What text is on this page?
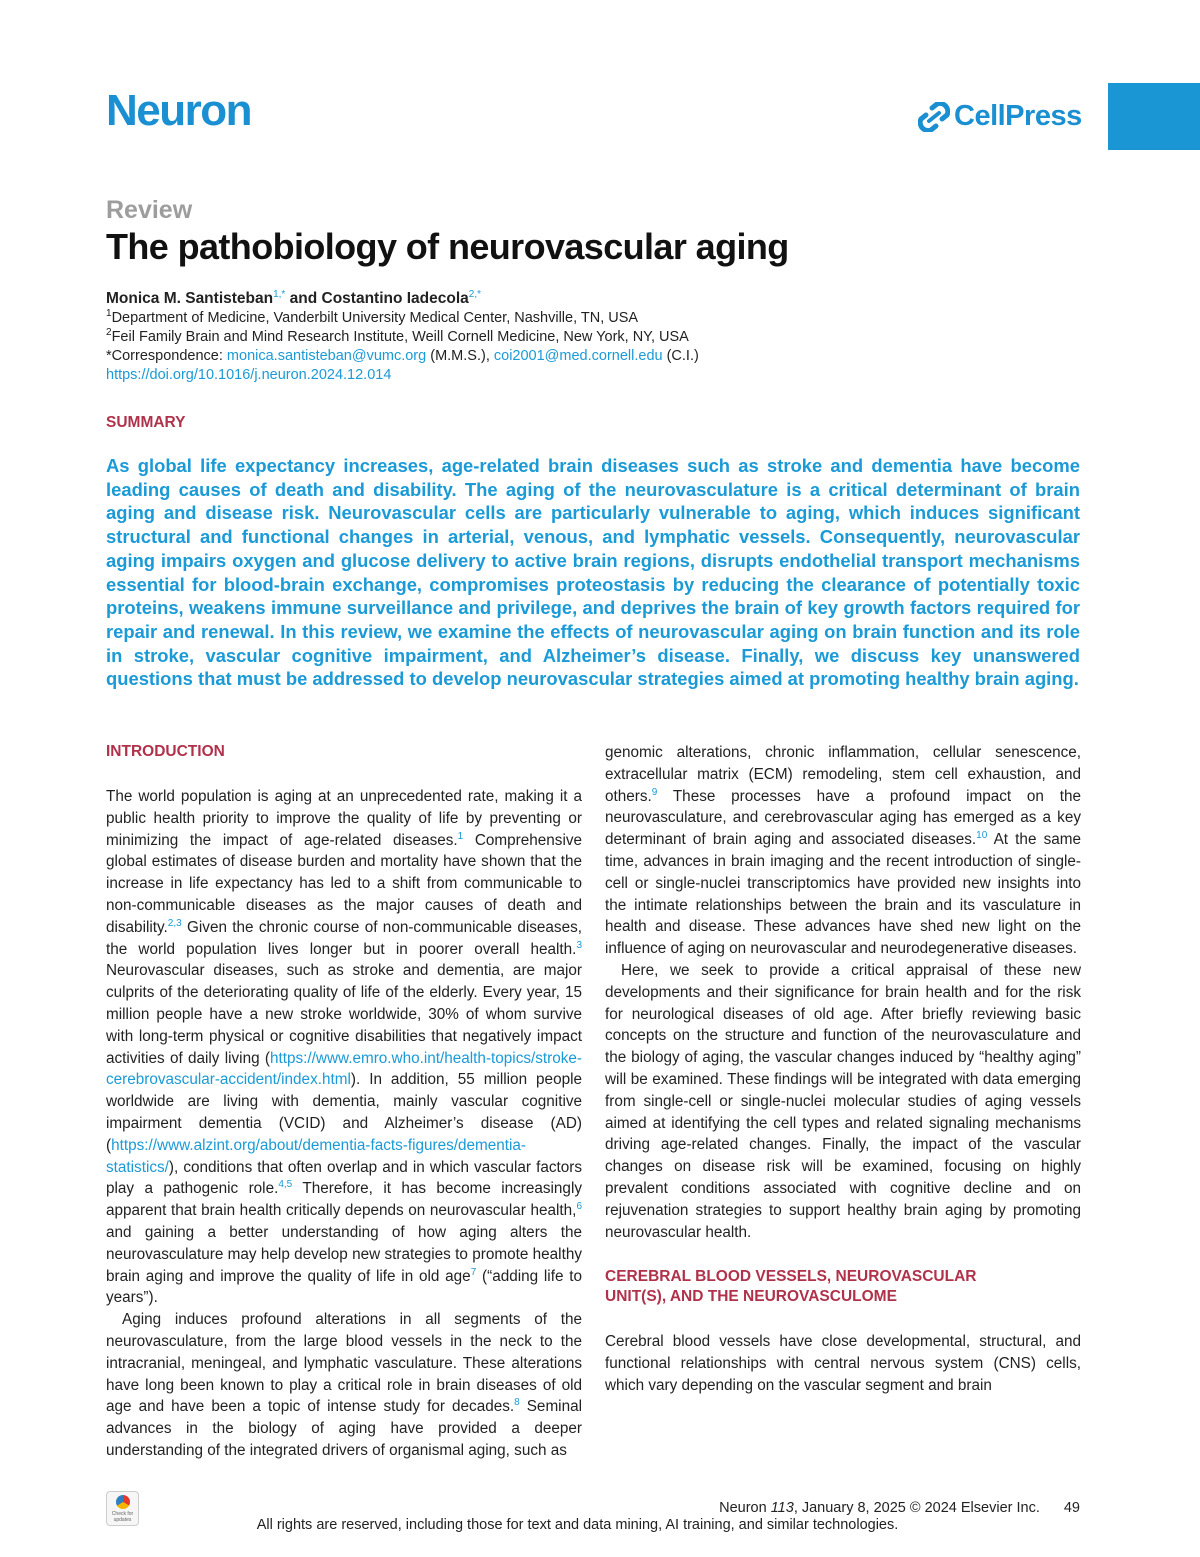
Neuron	CellPress
Review
The pathobiology of neurovascular aging
Monica M. Santisteban$^{1,*}$ and Costantino Iadecola$^{2,*}$
$^1$Department of Medicine, Vanderbilt University Medical Center, Nashville, TN, USA
$^2$Feil Family Brain and Mind Research Institute, Weill Cornell Medicine, New York, NY, USA
*Correspondence: monica.santisteban@vumc.org (M.M.S.), coi2001@med.cornell.edu (C.I.)
https://doi.org/10.1016/j.neuron.2024.12.014
SUMMARY

As global life expectancy increases, age-related brain diseases such as stroke and dementia have become leading causes of death and disability. The aging of the neurovasculature is a critical determinant of brain aging and disease risk. Neurovascular cells are particularly vulnerable to aging, which induces significant structural and functional changes in arterial, venous, and lymphatic vessels. Consequently, neurovascular aging impairs oxygen and glucose delivery to active brain regions, disrupts endothelial transport mechanisms essential for blood-brain exchange, compromises proteostasis by reducing the clearance of potentially toxic proteins, weakens immune surveillance and privilege, and deprives the brain of key growth factors required for repair and renewal. In this review, we examine the effects of neurovascular aging on brain function and its role in stroke, vascular cognitive impairment, and Alzheimer’s disease. Finally, we discuss key unanswered questions that must be addressed to develop neurovascular strategies aimed at promoting healthy brain aging.

INTRODUCTION

The world population is aging at an unprecedented rate, making it a public health priority to improve the quality of life by preventing or minimizing the impact of age-related diseases.$^1$ Comprehensive global estimates of disease burden and mortality have shown that the increase in life expectancy has led to a shift from communicable to non-communicable diseases as the major causes of death and disability.$^{2,3}$ Given the chronic course of non-communicable diseases, the world population lives longer but in poorer overall health.$^3$ Neurovascular diseases, such as stroke and dementia, are major culprits of the deteriorating quality of life of the elderly. Every year, 15 million people have a new stroke worldwide, 30% of whom survive with long-term physical or cognitive disabilities that negatively impact activities of daily living (https://www.emro.who.int/health-topics/stroke-cerebrovascular-accident/index.html). In addition, 55 million people worldwide are living with dementia, mainly vascular cognitive impairment dementia (VCID) and Alzheimer’s disease (AD) (https://www.alzint.org/about/dementia-facts-figures/dementia-statistics/), conditions that often overlap and in which vascular factors play a pathogenic role.$^{4,5}$ Therefore, it has become increasingly apparent that brain health critically depends on neurovascular health,$^6$ and gaining a better understanding of how aging alters the neurovasculature may help develop new strategies to promote healthy brain aging and improve the quality of life in old age$^7$ (“adding life to years”).

Aging induces profound alterations in all segments of the neurovasculature, from the large blood vessels in the neck to the intracranial, meningeal, and lymphatic vasculature. These alterations have long been known to play a critical role in brain diseases of old age and have been a topic of intense study for decades.$^8$ Seminal advances in the biology of aging have provided a deeper understanding of the integrated drivers of organismal aging, such as

genomic alterations, chronic inflammation, cellular senescence, extracellular matrix (ECM) remodeling, stem cell exhaustion, and others.$^9$ These processes have a profound impact on the neurovasculature, and cerebrovascular aging has emerged as a key determinant of brain aging and associated diseases.$^{10}$ At the same time, advances in brain imaging and the recent introduction of single-cell or single-nuclei transcriptomics have provided new insights into the intimate relationships between the brain and its vasculature in health and disease. These advances have shed new light on the influence of aging on neurovascular and neurodegenerative diseases.

Here, we seek to provide a critical appraisal of these new developments and their significance for brain health and for the risk for neurological diseases of old age. After briefly reviewing basic concepts on the structure and function of the neurovasculature and the biology of aging, the vascular changes induced by “healthy aging” will be examined. These findings will be integrated with data emerging from single-cell or single-nuclei molecular studies of aging vessels aimed at identifying the cell types and related signaling mechanisms driving age-related changes. Finally, the impact of the vascular changes on disease risk will be examined, focusing on highly prevalent conditions associated with cognitive decline and on rejuvenation strategies to support healthy brain aging by promoting neurovascular health.

CEREBRAL BLOOD VESSELS, NEUROVASCULAR
UNIT(S), AND THE NEUROVASCULOME

Cerebral blood vessels have close developmental, structural, and functional relationships with central nervous system (CNS) cells, which vary depending on the vascular segment and brain

Check for
updates
Neuron 113, January 8, 2025 © 2024 Elsevier Inc. 49
All rights are reserved, including those for text and data mining, AI training, and similar technologies.
